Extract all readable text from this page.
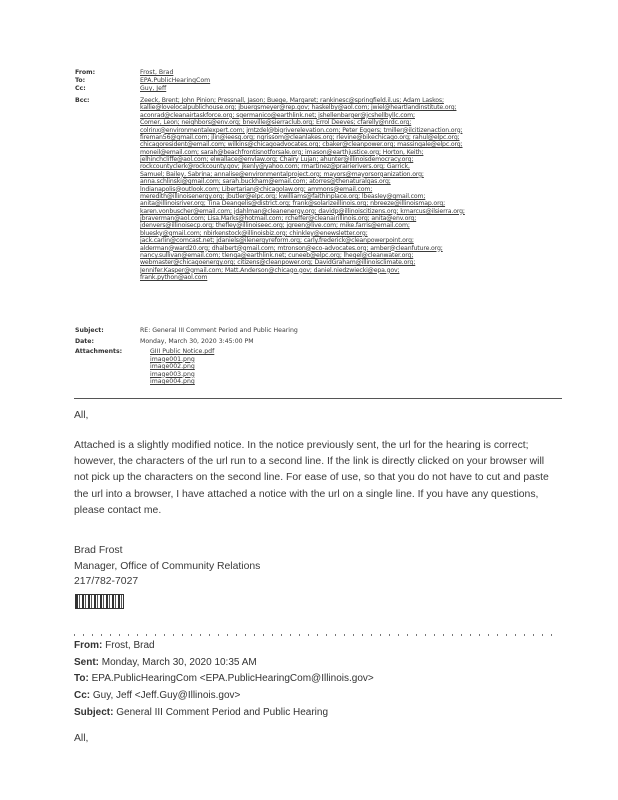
From:	Frost, Brad
To:	EPA.PublicHearingCom
Cc:	Guy, Jeff
Bcc:	Zeeck, Brent; John Pinion; Pressnall, Jason; Buege, Margaret; rankinesc@springfield.il.us; Adam Laskos;
kallie@lovelocalpublichouse.org; jbuergsmeyer@rep.gov; haskelby@aol.com; jwiel@heartlandinstitute.org;
aconrad@cleanairtaskforce.org; sgermanico@earthlink.net; jshellenbarger@jcshellbyllc.com;
Comer, Leon; neighbors@env.org; bneville@sierraclub.org; Errol Deeves; cfarelly@nrdc.org;
colrinx@environmentalexpert.com; jmtzdel@bigriverelevation.com; Peter Eggers; tmiller@ilcitizenaction.org;
fireman56@gmail.com; jlin@ieesg.org; ngrissom@cleanlakes.org; rlevine@bikechicago.org; rahul@elpc.org;
chicagoresident@email.com; wilkins@chicagoadvocates.org; cbaker@cleanpower.org; massingale@elpc.org;
moneil@email.com; sarah@beachfrontisnotforsale.org; imason@earthjustice.org; Horton, Keith;
jelhinchcliffe@aol.com; elwallace@envlaw.org; Chairy Lujan; ahunter@illinoisdemocracy.org;
rockcountyclerk@rockcounty.gov; jkenly@yahoo.com; rmartinez@prairierivers.org; Garrick,
Samuel; Bailey, Sabrina; annalise@environmentalproject.org; mayors@mayorsorganization.org;
anna.schlinski@gmail.com; sarah.buckham@email.com; atorres@thenaturalgas.org;
lndianapolis@outlook.com; Libertarian@chicagolaw.org; ammons@email.com;
meredith@illinoisenergy.org; jbutler@elpc.org; kwilliams@faithinplace.org; lbeasley@gmail.com;
anita@illinoisriver.org; Tina Deangelis@district.org; frank@solarizeillinois.org; nbreeze@illinoismap.org;
karen.vonbuscher@email.com; jdahlman@cleanenergy.org; davidp@illinoiscitizens.org; kmarcus@ilsierra.org;
jbraverman@aol.com; Lisa.Marks@hotmail.com; rcheffer@cleanairillinois.org; anita@env.org;
jdenvers@illinoisecp.org; thefley@illinoiseec.org; jgreen@live.com; mike.farris@email.com;
bluesky@gmail.com; nbirkenstock@illinoisbiz.org; chinkley@enewsletter.org;
jack.carlin@comcast.net; jdaniels@ilenergyreform.org; carly.frederick@cleanpowerpoint.org;
alderman@ward20.org; dhalbert@gmail.com; mtronson@eco-advocates.org; amber@cleanfuture.org;
nancy.sullivan@email.com; tlenga@earthlink.net; cuneeb@elpc.org; lhegel@cleanwater.org;
webmaster@chicagoenergy.org; citizens@cleanpower.org; DavidGraham@illinoisclimate.org;
Jennifer.Kasper@gmail.com; Matt.Anderson@chicago.gov; daniel.niedzwiecki@epa.gov;
frank.python@aol.com
Subject:	RE: General III Comment Period and Public Hearing
Date:	Monday, March 30, 2020 3:45:00 PM
Attachments:	GIII Public Notice.pdf
image001.png
image002.png
image003.png
image004.png
All,
Attached is a slightly modified notice. In the notice previously sent, the url for the hearing is correct; however, the characters of the url run to a second line. If the link is directly clicked on your browser will not pick up the characters on the second line. For ease of use, so that you do not have to cut and paste the url into a browser, I have attached a notice with the url on a single line. If you have any questions, please contact me.
Brad Frost
Manager, Office of Community Relations
217/782-7027
From: Frost, Brad
Sent: Monday, March 30, 2020 10:35 AM
To: EPA.PublicHearingCom <EPA.PublicHearingCom@Illinois.gov>
Cc: Guy, Jeff <Jeff.Guy@Illinois.gov>
Subject: General III Comment Period and Public Hearing
All,
